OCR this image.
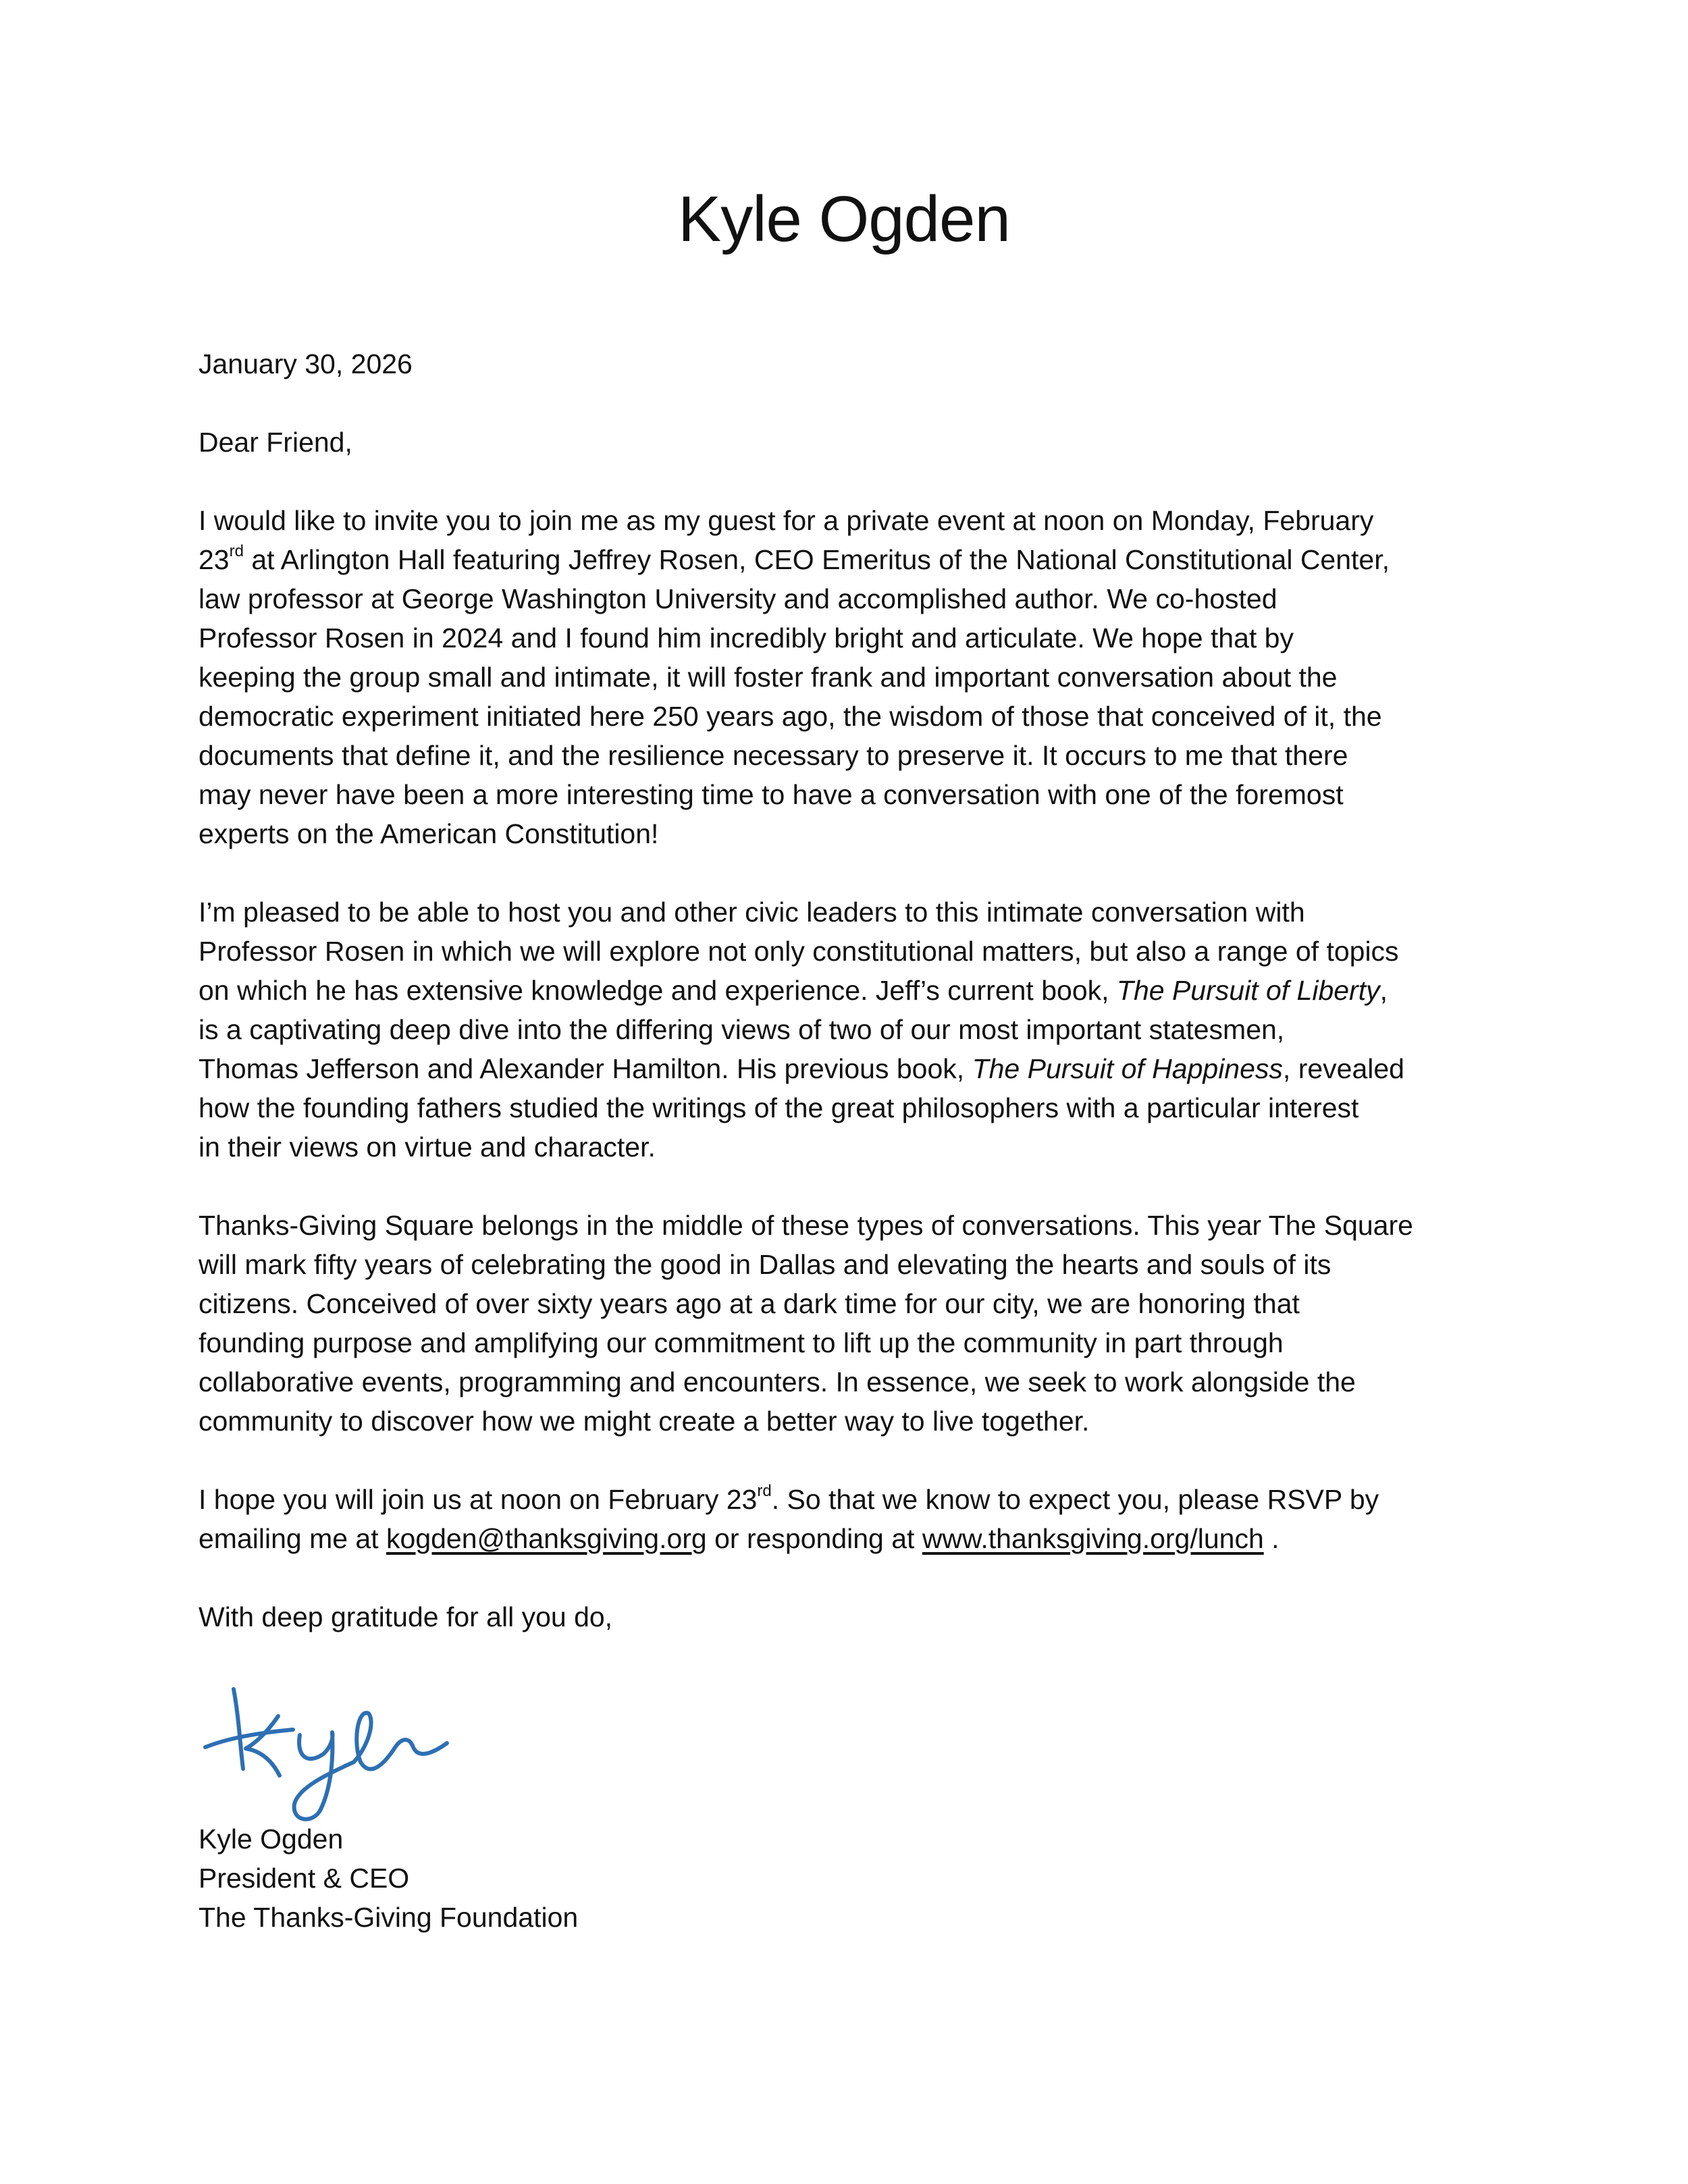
Kyle Ogden
January 30, 2026
Dear Friend,
I would like to invite you to join me as my guest for a private event at noon on Monday, February
23rd at Arlington Hall featuring Jeffrey Rosen, CEO Emeritus of the National Constitutional Center,
law professor at George Washington University and accomplished author. We co-hosted
Professor Rosen in 2024 and I found him incredibly bright and articulate. We hope that by
keeping the group small and intimate, it will foster frank and important conversation about the
democratic experiment initiated here 250 years ago, the wisdom of those that conceived of it, the
documents that define it, and the resilience necessary to preserve it. It occurs to me that there
may never have been a more interesting time to have a conversation with one of the foremost
experts on the American Constitution!
I’m pleased to be able to host you and other civic leaders to this intimate conversation with
Professor Rosen in which we will explore not only constitutional matters, but also a range of topics
on which he has extensive knowledge and experience. Jeff’s current book, The Pursuit of Liberty,
is a captivating deep dive into the differing views of two of our most important statesmen,
Thomas Jefferson and Alexander Hamilton. His previous book, The Pursuit of Happiness, revealed
how the founding fathers studied the writings of the great philosophers with a particular interest
in their views on virtue and character.
Thanks-Giving Square belongs in the middle of these types of conversations. This year The Square
will mark fifty years of celebrating the good in Dallas and elevating the hearts and souls of its
citizens. Conceived of over sixty years ago at a dark time for our city, we are honoring that
founding purpose and amplifying our commitment to lift up the community in part through
collaborative events, programming and encounters. In essence, we seek to work alongside the
community to discover how we might create a better way to live together.
I hope you will join us at noon on February 23rd. So that we know to expect you, please RSVP by
emailing me at kogden@thanksgiving.org or responding at www.thanksgiving.org/lunch .
With deep gratitude for all you do,
Kyle Ogden
President & CEO
The Thanks-Giving Foundation
